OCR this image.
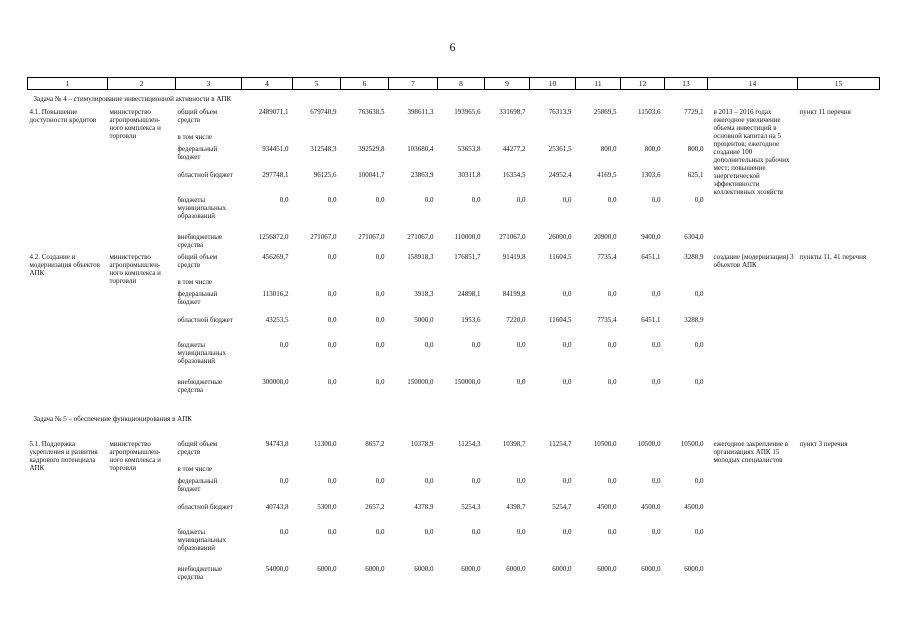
6
1	2	3	4	5	6	7	8	9	10	11	12	13	14	15
Задача № 4 – стимулирование инвестиционной активности в АПК														
4.1. Повышение доступности кредитов	министерство агропромышлен-ного комплекса и торговли	общий объем средств	2489071,1	679740,9	763638,5	398611,3	193965,6	331698,7	76313,9	25869,5	11503,6	7729,1	в 2013 – 2016 годах ежегодное увеличение объема инвестиций в основной капитал на 5 процентов; ежегодное создание 100 дополнительных рабочих мест; повышение энергетической эффективности коллективных хозяйств	пункт 11 перечня
		в том числе												
		федеральный бюджет	934451,0	312548,3	392529,8	103680,4	53653,8	44277,2	25361,5	800,0	800,0	800,0		
		областной бюджет	297748,1	96125,6	100041,7	23863,9	30311,8	16354,5	24952,4	4169,5	1303,6	625,1		
		бюджеты муниципальных образований	0,0	0,0	0,0	0,0	0,0	0,0	0,0	0,0	0,0	0,0		
		внебюджетные средства	1256872,0	271067,0	271067,0	271067,0	110000,0	271067,0	26000,0	20900,0	9400,0	6304,0		
4.2. Создание и модернизация объектов АПК	министерство агропромышлен-ного комплекса и торговли	общий объем средств	456269,7	0,0	0,0	158918,3	176851,7	91419,8	11604,5	7735,4	6451,1	3288,9	создание (модернизация) 3 объектов АПК	пункты 11, 41 перечня
		в том числе												
		федеральный бюджет	113016,2	0,0	0,0	3918,3	24898,1	84199,8	0,0	0,0	0,0	0,0		
		областной бюджет	43253,5	0,0	0,0	5000,0	1953,6	7220,0	11604,5	7735,4	6451,1	3288,9		
		бюджеты муниципальных образований	0,0	0,0	0,0	0,0	0,0	0,0	0,0	0,0	0,0	0,0		
		внебюджетные средства	300000,0	0,0	0,0	150000,0	150000,0	0,0	0,0	0,0	0,0	0,0		

Задача № 5 – обеспечение функционирования в АПК														

5.1. Поддержка укрепления и развития кадрового потенциала АПК	министерство агропромышлен-ного комплекса и торговли	общий объем средств	94743,8	11300,0	8657,2	10378,9	11254,3	10398,7	11254,7	10500,0	10500,0	10500,0	ежегодное закрепление в организациях АПК 15 молодых специалистов	пункт 3 перечня
		в том числе												
		федеральный бюджет	0,0	0,0	0,0	0,0	0,0	0,0	0,0	0,0	0,0	0,0		
		областной бюджет	40743,8	5300,0	2657,2	4378,9	5254,3	4398,7	5254,7	4500,0	4500,0	4500,0		
		бюджеты муниципальных образований	0,0	0,0	0,0	0,0	0,0	0,0	0,0	0,0	0,0	0,0		
		внебюджетные средства	54000,0	6000,0	6000,0	6000,0	6000,0	6000,0	6000,0	6000,0	6000,0	6000,0		
